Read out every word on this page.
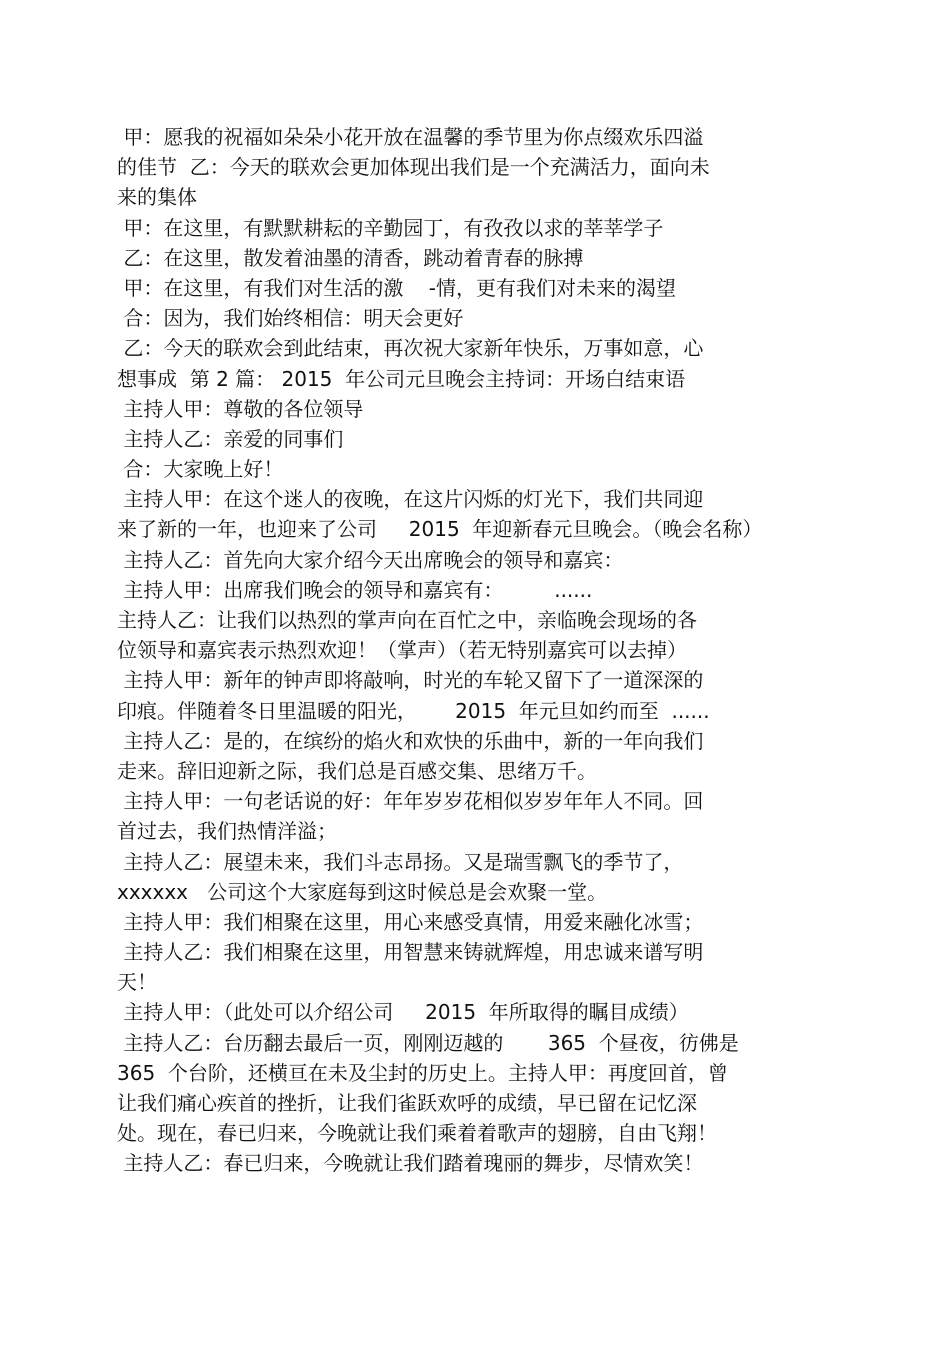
甲：愿我的祝福如朵朵小花开放在温馨的季节里为你点缀欢乐四溢
的佳节  乙：今天的联欢会更加体现出我们是一个充满活力，面向未
来的集体
甲：在这里，有默默耕耘的辛勤园丁，有孜孜以求的莘莘学子
乙：在这里，散发着油墨的清香，跳动着青春的脉搏
甲：在这里，有我们对生活的激    -情，更有我们对未来的渴望
合：因为，我们始终相信：明天会更好
乙：今天的联欢会到此结束，再次祝大家新年快乐，万事如意，心
想事成  第 2 篇： 2015  年公司元旦晚会主持词：开场白结束语
主持人甲：尊敬的各位领导
主持人乙：亲爱的同事们
合：大家晚上好！
主持人甲：在这个迷人的夜晚，在这片闪烁的灯光下，我们共同迎
来了新的一年，也迎来了公司     2015  年迎新春元旦晚会。（晚会名称）
主持人乙：首先向大家介绍今天出席晚会的领导和嘉宾：
主持人甲：出席我们晚会的领导和嘉宾有：        ......
主持人乙：让我们以热烈的掌声向在百忙之中，亲临晚会现场的各
位领导和嘉宾表示热烈欢迎！（掌声）（若无特别嘉宾可以去掉）
主持人甲：新年的钟声即将敲响，时光的车轮又留下了一道深深的
印痕。伴随着冬日里温暖的阳光，      2015  年元旦如约而至  ......
主持人乙：是的，在缤纷的焰火和欢快的乐曲中，新的一年向我们
走来。辞旧迎新之际，我们总是百感交集、思绪万千。
主持人甲：一句老话说的好：年年岁岁花相似岁岁年年人不同。回
首过去，我们热情洋溢；
主持人乙：展望未来，我们斗志昂扬。又是瑞雪飘飞的季节了，
xxxxxx   公司这个大家庭每到这时候总是会欢聚一堂。
主持人甲：我们相聚在这里，用心来感受真情，用爱来融化冰雪；
主持人乙：我们相聚在这里，用智慧来铸就辉煌，用忠诚来谱写明
天！
主持人甲：（此处可以介绍公司     2015  年所取得的瞩目成绩）
主持人乙：台历翻去最后一页，刚刚迈越的       365  个昼夜，彷佛是
365  个台阶，还横亘在未及尘封的历史上。主持人甲：再度回首，曾
让我们痛心疾首的挫折，让我们雀跃欢呼的成绩，早已留在记忆深
处。现在，春已归来，今晚就让我们乘着着歌声的翅膀，自由飞翔！
主持人乙：春已归来，今晚就让我们踏着瑰丽的舞步，尽情欢笑！
